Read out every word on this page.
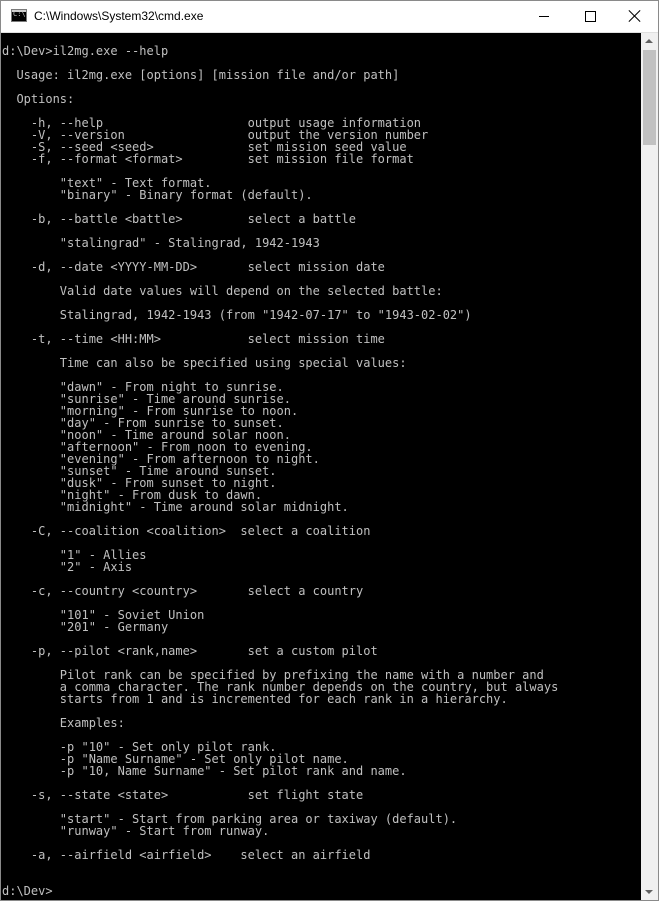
C:\ C:\Windows\System32\cmd.exe
d:\Dev>il2mg.exe --help

Usage: il2mg.exe [options] [mission file and/or path]

Options:

-h, --help                    output usage information
-V, --version                 output the version number
-S, --seed <seed>             set mission seed value
-f, --format <format>         set mission file format

"text" - Text format.
"binary" - Binary format (default).

-b, --battle <battle>         select a battle

"stalingrad" - Stalingrad, 1942-1943

-d, --date <YYYY-MM-DD>       select mission date

Valid date values will depend on the selected battle:

Stalingrad, 1942-1943 (from "1942-07-17" to "1943-02-02")

-t, --time <HH:MM>            select mission time

Time can also be specified using special values:

"dawn" - From night to sunrise.
"sunrise" - Time around sunrise.
"morning" - From sunrise to noon.
"day" - From sunrise to sunset.
"noon" - Time around solar noon.
"afternoon" - From noon to evening.
"evening" - From afternoon to night.
"sunset" - Time around sunset.
"dusk" - From sunset to night.
"night" - From dusk to dawn.
"midnight" - Time around solar midnight.

-C, --coalition <coalition>  select a coalition

"1" - Allies
"2" - Axis

-c, --country <country>       select a country

"101" - Soviet Union
"201" - Germany

-p, --pilot <rank,name>       set a custom pilot

Pilot rank can be specified by prefixing the name with a number and
a comma character. The rank number depends on the country, but always
starts from 1 and is incremented for each rank in a hierarchy.

Examples:

-p "10" - Set only pilot rank.
-p "Name Surname" - Set only pilot name.
-p "10, Name Surname" - Set pilot rank and name.

-s, --state <state>           set flight state

"start" - Start from parking area or taxiway (default).
"runway" - Start from runway.

-a, --airfield <airfield>    select an airfield

d:\Dev>
